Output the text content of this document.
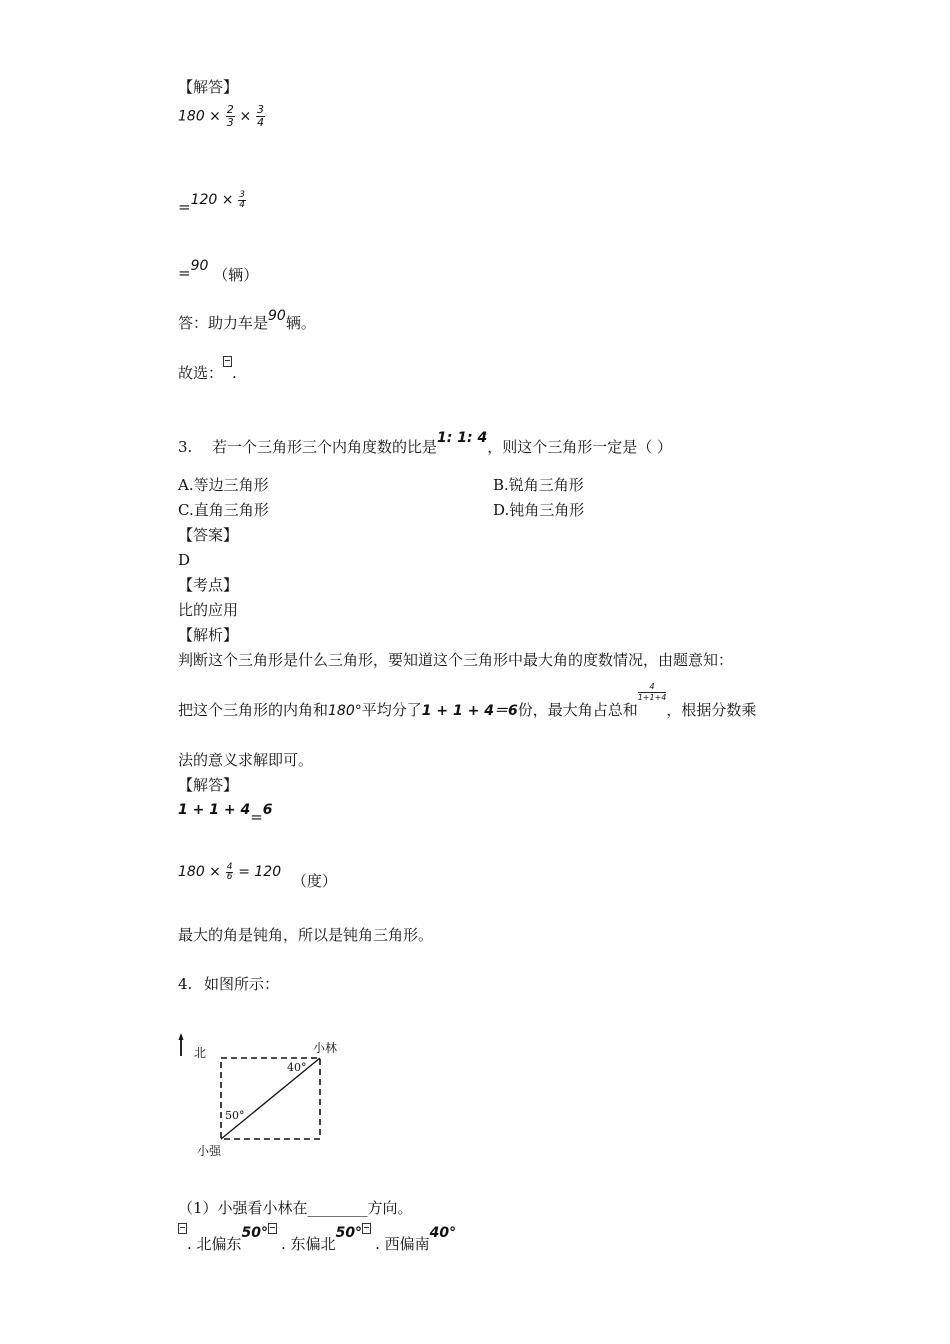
【解答】
$180 \times \frac{2}{3} \times \frac{3}{4}$
$=120 \times \frac{3}{4}$
=90 （辆）
答：助力车是90辆。
故选： .
3. 若一个三角形三个内角度数的比是1: 1: 4，则这个三角形一定是（ ）
A.等边三角形	B.锐角三角形
C.直角三角形	D.钝角三角形
【答案】
D
【考点】
比的应用
【解析】
判断这个三角形是什么三角形，要知道这个三角形中最大角的度数情况，由题意知：
把这个三角形的内角和180°平均分了1 + 1 + 4＝6份，最大角占总和
$\frac{4}{1+1+4}$
，根据分数乘
法的意义求解即可。
【解答】
1 + 1 + 4=6
$180 \times \frac{4}{6} = 120$ （度）
最大的角是钝角，所以是钝角三角形。
4. 如图所示：
北	小林
40°
50°
小强
（1）小强看小林在________方向。
. 北偏东50°. 东偏北50°. 西偏南40°
